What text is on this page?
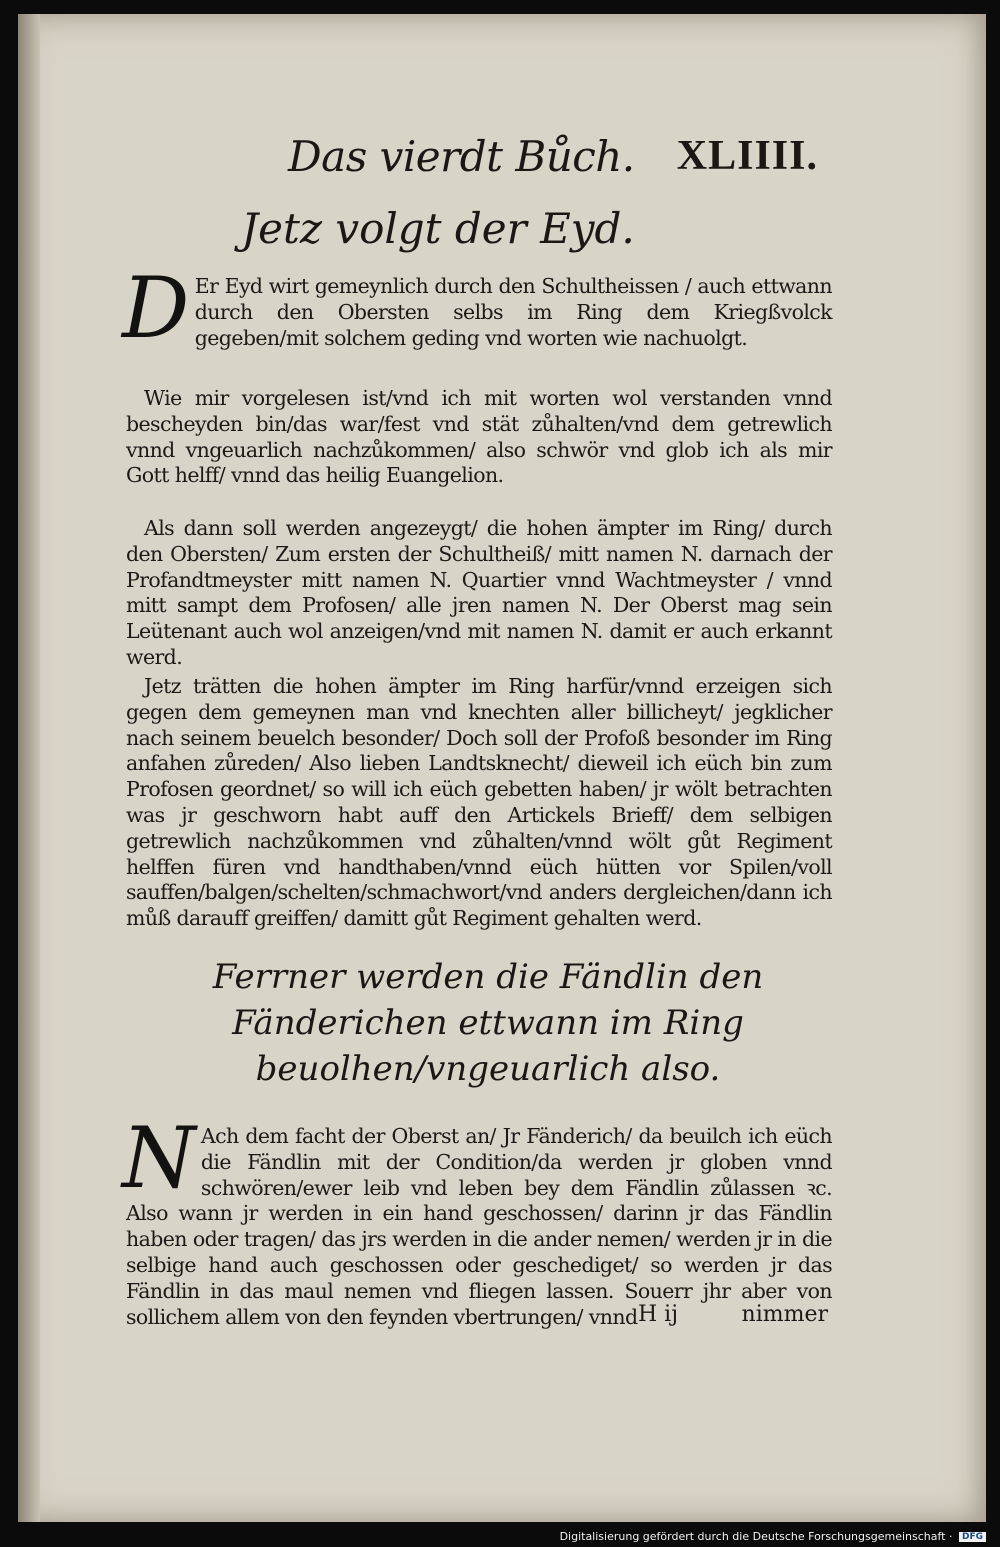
Das vierdt Bůch. XLIIII.
Jetz volgt der Eyd.
D Er Eyd wirt gemeynlich durch den Schultheissen / auch ettwann durch den Obersten selbs im Ring dem Kriegßvolck gegeben/mit solchem geding vnd worten wie nachuolgt.
Wie mir vorgelesen ist/vnd ich mit worten wol verstanden vnnd bescheyden bin/das war/fest vnd stät zůhalten/vnd dem getrewlich vnnd vngeuarlich nachzůkommen/ also schwör vnd glob ich als mir Gott helff/ vnnd das heilig Euangelion.
Als dann soll werden angezeygt/ die hohen ämpter im Ring/ durch den Obersten/ Zum ersten der Schultheiß/ mitt namen N. darnach der Profandtmeyster mitt namen N. Quartier vnnd Wachtmeyster / vnnd mitt sampt dem Profosen/ alle jren namen N. Der Oberst mag sein Leütenant auch wol anzeigen/vnd mit namen N. damit er auch erkannt werd.
Jetz trätten die hohen ämpter im Ring harfür/vnnd erzeigen sich gegen dem gemeynen man vnd knechten aller billicheyt/ jegklicher nach seinem beuelch besonder/ Doch soll der Profoß besonder im Ring anfahen zůreden/ Also lieben Landtsknecht/ dieweil ich eüch bin zum Profosen geordnet/ so will ich eüch gebetten haben/ jr wölt betrachten was jr geschworn habt auff den Artickels Brieff/ dem selbigen getrewlich nachzůkommen vnd zůhalten/vnnd wölt gůt Regiment helffen füren vnd handthaben/vnnd eüch hütten vor Spilen/voll sauffen/balgen/schelten/schmachwort/vnd anders dergleichen/dann ich můß darauff greiffen/ damitt gůt Regiment gehalten werd.
Ferrner werden die Fändlin den Fänderichen ettwann im Ring beuolhen/vngeuarlich also.
N Ach dem facht der Oberst an/ Jr Fänderich/ da beuilch ich eüch die Fändlin mit der Condition/da werden jr globen vnnd schwören/ewer leib vnd leben bey dem Fändlin zůlassen ꝛc. Also wann jr werden in ein hand geschossen/ darinn jr das Fändlin haben oder tragen/ das jrs werden in die ander nemen/ werden jr in die selbige hand auch geschossen oder geschediget/ so werden jr das Fändlin in das maul nemen vnd fliegen lassen. Souerr jhr aber von sollichem allem von den feynden vbertrungen/ vnnd H ij	nimmer
Digitalisierung gefördert durch die Deutsche Forschungsgemeinschaft · DFG
